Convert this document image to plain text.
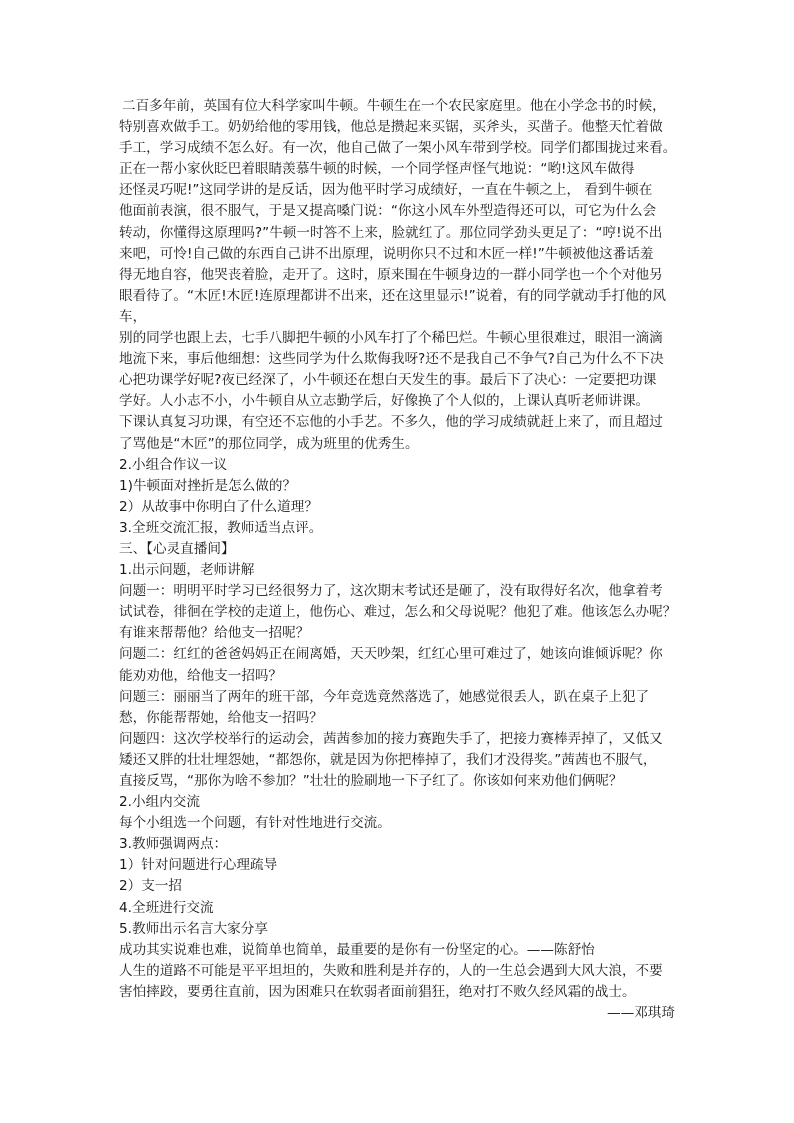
二百多年前，英国有位大科学家叫牛顿。牛顿生在一个农民家庭里。他在小学念书的时候，
特别喜欢做手工。奶奶给他的零用钱，他总是攒起来买锯，买斧头，买凿子。他整天忙着做
手工，学习成绩不怎么好。有一次，他自己做了一架小风车带到学校。同学们都围拢过来看。
正在一帮小家伙眨巴着眼睛羡慕牛顿的时候，一个同学怪声怪气地说：“哟!这风车做得
还怪灵巧呢!”这同学讲的是反话，因为他平时学习成绩好，一直在牛顿之上， 看到牛顿在
他面前表演，很不服气，于是又提高嗓门说：“你这小风车外型造得还可以，可它为什么会
转动，你懂得这原理吗?”牛顿一时答不上来，脸就红了。那位同学劲头更足了：“哼!说不出
来吧，可怜!自己做的东西自己讲不出原理，说明你只不过和木匠一样!”牛顿被他这番话羞
得无地自容，他哭丧着脸，走开了。这时，原来围在牛顿身边的一群小同学也一个个对他另
眼看待了。“木匠!木匠!连原理都讲不出来，还在这里显示!”说着，有的同学就动手打他的风
车，
别的同学也跟上去，七手八脚把牛顿的小风车打了个稀巴烂。牛顿心里很难过，眼泪一滴滴
地流下来，事后他细想：这些同学为什么欺侮我呀?还不是我自己不争气?自己为什么不下决
心把功课学好呢?夜已经深了，小牛顿还在想白天发生的事。最后下了决心：一定要把功课
学好。人小志不小，小牛顿自从立志勤学后，好像换了个人似的，上课认真听老师讲课。
下课认真复习功课，有空还不忘他的小手艺。不多久，他的学习成绩就赶上来了，而且超过
了骂他是“木匠”的那位同学，成为班里的优秀生。
2.小组合作议一议
1)牛顿面对挫折是怎么做的？
2）从故事中你明白了什么道理？
3.全班交流汇报，教师适当点评。
三、【心灵直播间】
1.出示问题，老师讲解
问题一：明明平时学习已经很努力了，这次期末考试还是砸了，没有取得好名次，他拿着考
试试卷，徘徊在学校的走道上，他伤心、难过，怎么和父母说呢？他犯了难。他该怎么办呢？
有谁来帮帮他？给他支一招呢？
问题二：红红的爸爸妈妈正在闹离婚，天天吵架，红红心里可难过了，她该向谁倾诉呢？你
能劝劝他，给他支一招吗？
问题三：丽丽当了两年的班干部，今年竞选竟然落选了，她感觉很丢人，趴在桌子上犯了
愁，你能帮帮她，给他支一招吗？
问题四：这次学校举行的运动会，茜茜参加的接力赛跑失手了，把接力赛棒弄掉了，又低又
矮还又胖的壮壮埋怨她，“都怨你，就是因为你把棒掉了，我们才没得奖。”茜茜也不服气，
直接反骂，“那你为啥不参加？”壮壮的脸刷地一下子红了。你该如何来劝他们俩呢？
2.小组内交流
每个小组选一个问题，有针对性地进行交流。
3.教师强调两点：
1）针对问题进行心理疏导
2）支一招
4.全班进行交流
5.教师出示名言大家分享
成功其实说难也难，说简单也简单，最重要的是你有一份坚定的心。——陈舒怡
人生的道路不可能是平平坦坦的，失败和胜利是并存的，人的一生总会遇到大风大浪，不要
害怕摔跤，要勇往直前，因为困难只在软弱者面前猖狂，绝对打不败久经风霜的战士。
——邓琪琦
